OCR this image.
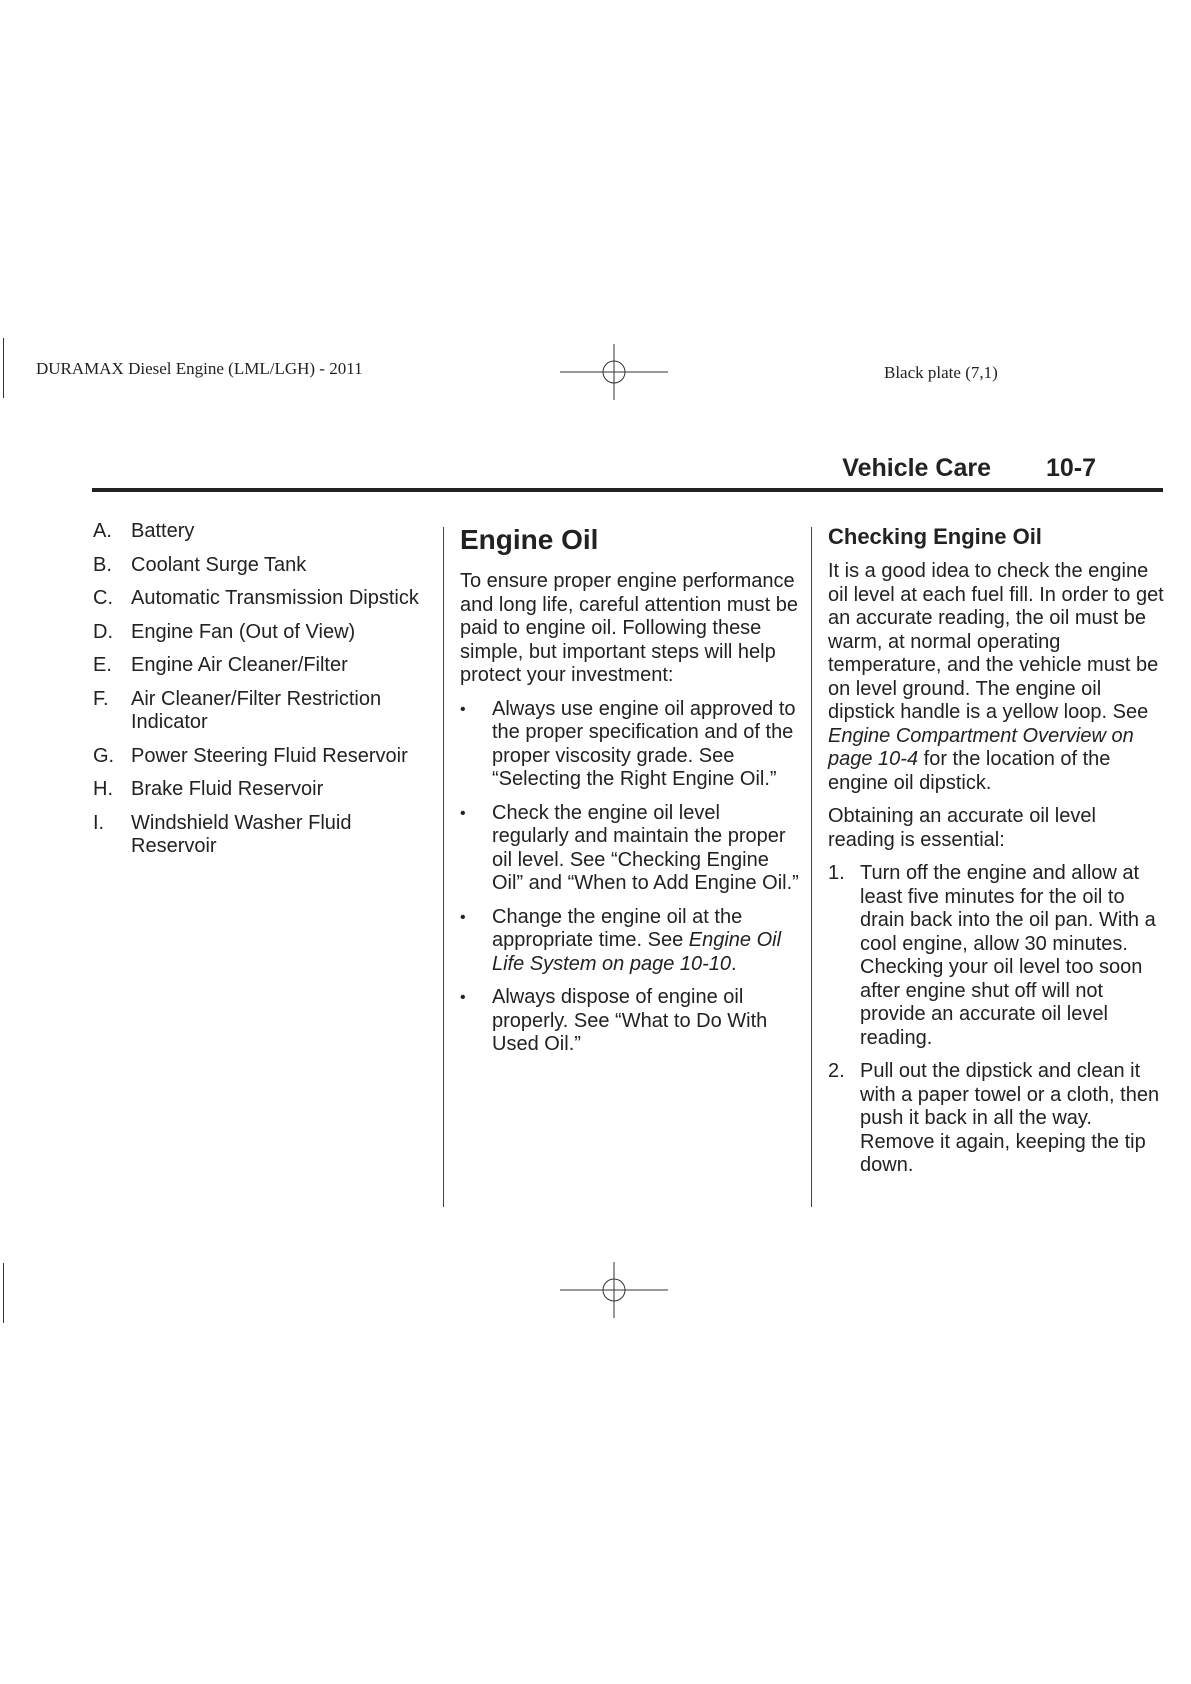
DURAMAX Diesel Engine (LML/LGH) - 2011	Black plate (7,1)
Vehicle Care 10-7
A. Battery
B. Coolant Surge Tank
C. Automatic Transmission Dipstick
D. Engine Fan (Out of View)
E. Engine Air Cleaner/Filter
F.	Air Cleaner/Filter Restriction Indicator
G. Power Steering Fluid Reservoir
H. Brake Fluid Reservoir
I.	Windshield Washer Fluid Reservoir
Engine Oil

To ensure proper engine performance and long life, careful attention must be paid to engine oil. Following these simple, but important steps will help protect your investment:

•	Always use engine oil approved to the proper specification and of the proper viscosity grade. See “Selecting the Right Engine Oil.”
•	Check the engine oil level regularly and maintain the proper oil level. See “Checking Engine Oil” and “When to Add Engine Oil.”
•	Change the engine oil at the appropriate time. See Engine Oil Life System on page 10-10.
•	Always dispose of engine oil properly. See “What to Do With Used Oil.”
Checking Engine Oil

It is a good idea to check the engine oil level at each fuel fill. In order to get an accurate reading, the oil must be warm, at normal operating temperature, and the vehicle must be on level ground. The engine oil dipstick handle is a yellow loop. See Engine Compartment Overview on page 10-4 for the location of the engine oil dipstick.

Obtaining an accurate oil level reading is essential:

1. Turn off the engine and allow at least five minutes for the oil to drain back into the oil pan. With a cool engine, allow 30 minutes. Checking your oil level too soon after engine shut off will not provide an accurate oil level reading.
2. Pull out the dipstick and clean it with a paper towel or a cloth, then push it back in all the way. Remove it again, keeping the tip down.
